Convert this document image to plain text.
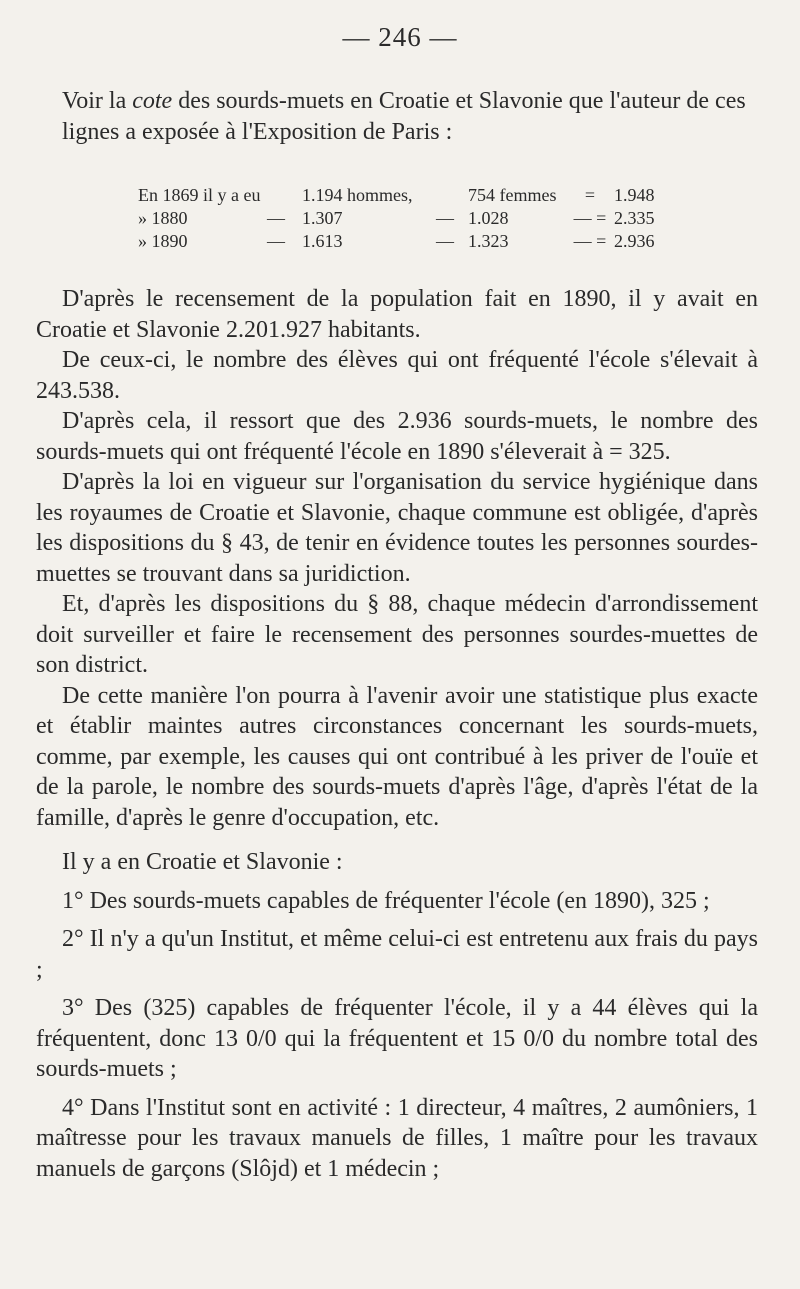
— 246 —
Voir la cote des sourds-muets en Croatie et Slavonie que l'auteur de ces lignes a exposée à l'Exposition de Paris :
En 1869 il y a eu 1.194 hommes,	754 femmes	=	1.948
» 1880	— 1.307	— 1.028	— = 2.335
» 1890	— 1.613	— 1.323	— = 2.936

D'après le recensement de la population fait en 1890, il y avait en Croatie et Slavonie 2.201.927 habitants.

De ceux-ci, le nombre des élèves qui ont fréquenté l'école s'élevait à 243.538.

D'après cela, il ressort que des 2.936 sourds-muets, le nombre des sourds-muets qui ont fréquenté l'école en 1890 s'éleverait à = 325.

D'après la loi en vigueur sur l'organisation du service hygiénique dans les royaumes de Croatie et Slavonie, chaque commune est obligée, d'après les dispositions du § 43, de tenir en évidence toutes les personnes sourdes-muettes se trouvant dans sa juridiction.

Et, d'après les dispositions du § 88, chaque médecin d'arrondissement doit surveiller et faire le recensement des personnes sourdes-muettes de son district.

De cette manière l'on pourra à l'avenir avoir une statistique plus exacte et établir maintes autres circonstances concernant les sourds-muets, comme, par exemple, les causes qui ont contribué à les priver de l'ouïe et de la parole, le nombre des sourds-muets d'après l'âge, d'après l'état de la famille, d'après le genre d'occupation, etc.

Il y a en Croatie et Slavonie :

1° Des sourds-muets capables de fréquenter l'école (en 1890), 325 ;

2° Il n'y a qu'un Institut, et même celui-ci est entretenu aux frais du pays ;

3° Des (325) capables de fréquenter l'école, il y a 44 élèves qui la fréquentent, donc 13 0/0 qui la fréquentent et 15 0/0 du nombre total des sourds-muets ;

4° Dans l'Institut sont en activité : 1 directeur, 4 maîtres, 2 aumôniers, 1 maîtresse pour les travaux manuels de filles, 1 maître pour les travaux manuels de garçons (Slôjd) et 1 médecin ;
